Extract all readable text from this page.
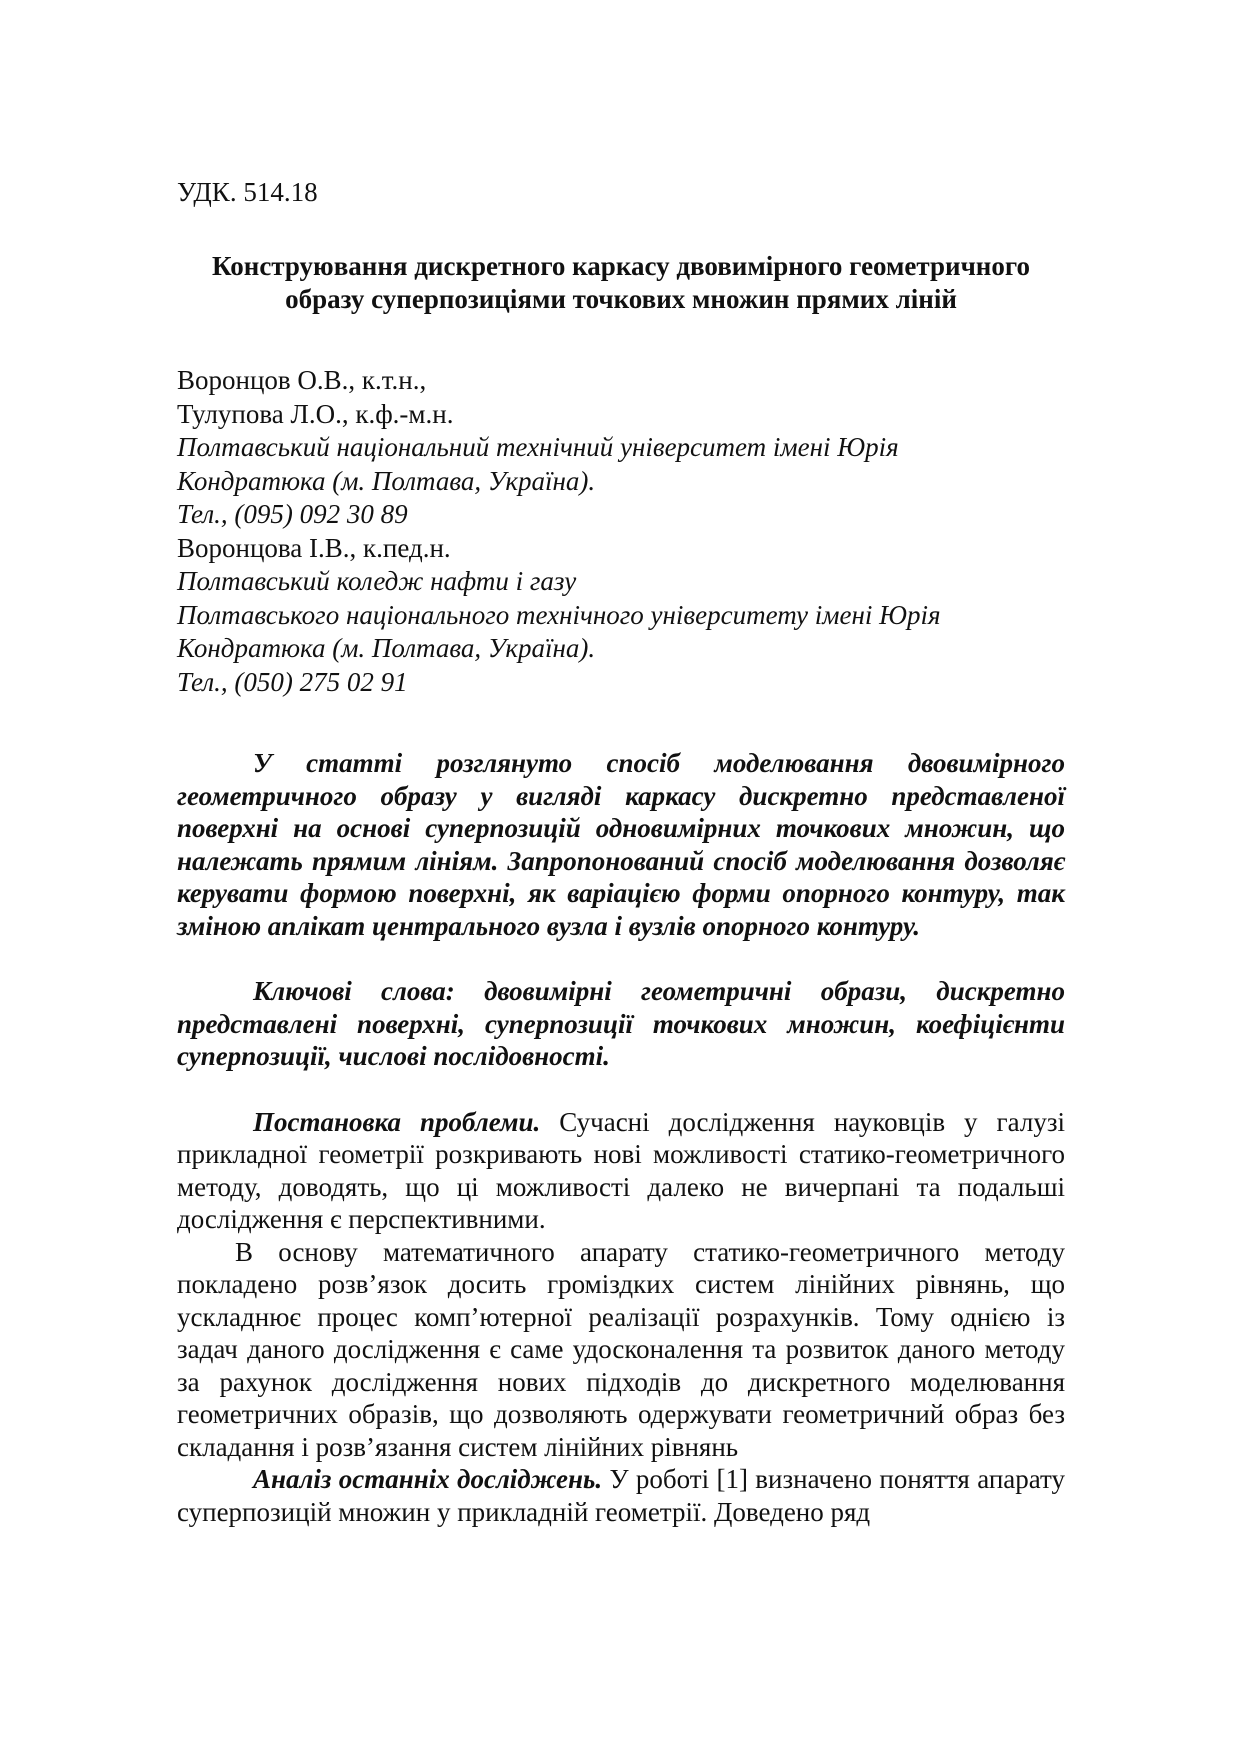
УДК. 514.18

Конструювання дискретного каркасу двовимірного геометричного образу суперпозиціями точкових множин прямих ліній

Воронцов О.В., к.т.н.,

Тулупова Л.О., к.ф.-м.н.

Полтавський національний технічний університет імені Юрія

Кондратюка (м. Полтава, Україна).

Тел., (095) 092 30 89

Воронцова І.В., к.пед.н.

Полтавський коледж нафти і газу

Полтавського національного технічного університету імені Юрія

Кондратюка (м. Полтава, Україна).

Тел., (050) 275 02 91

У статті розглянуто спосіб моделювання двовимірного геометричного образу у вигляді каркасу дискретно представленої поверхні на основі суперпозицій одновимірних точкових множин, що належать прямим лініям. Запропонований спосіб моделювання дозволяє керувати формою поверхні, як варіацією форми опорного контуру, так зміною аплікат центрального вузла і вузлів опорного контуру.

Ключові слова: двовимірні геометричні образи, дискретно представлені поверхні, суперпозиції точкових множин, коефіцієнти суперпозиції, числові послідовності.

Постановка проблеми. Сучасні дослідження науковців у галузі прикладної геометрії розкривають нові можливості статико-геометричного методу, доводять, що ці можливості далеко не вичерпані та подальші дослідження є перспективними.

В основу математичного апарату статико-геометричного методу покладено розв’язок досить громіздких систем лінійних рівнянь, що ускладнює процес комп’ютерної реалізації розрахунків. Тому однією із задач даного дослідження є саме удосконалення та розвиток даного методу за рахунок дослідження нових підходів до дискретного моделювання геометричних образів, що дозволяють одержувати геометричний образ без складання і розв’язання систем лінійних рівнянь

Аналіз останніх досліджень. У роботі [1] визначено поняття апарату суперпозицій множин у прикладній геометрії. Доведено ряд
